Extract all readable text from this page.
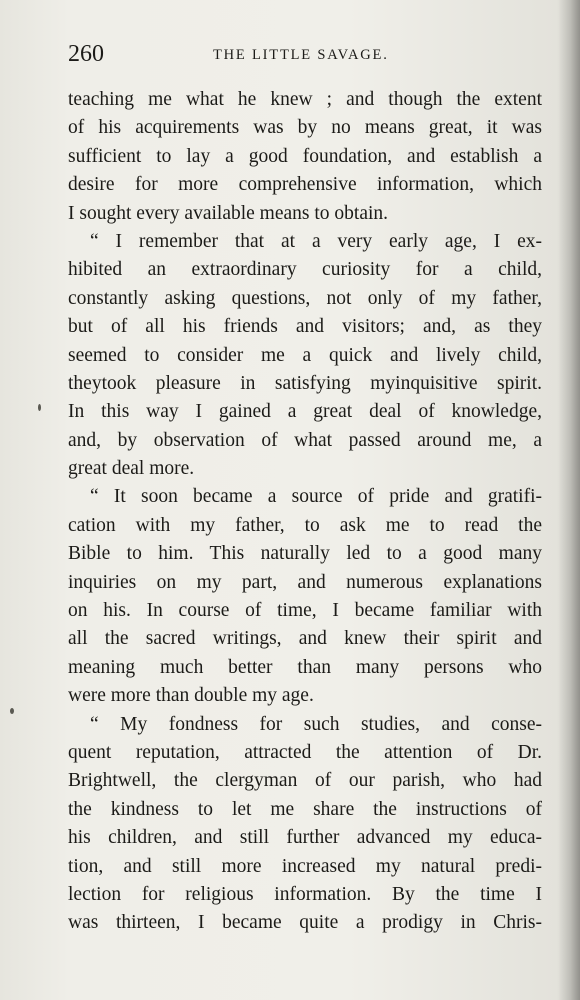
260	THE LITTLE SAVAGE.
teaching me what he knew ; and though the extent
of his acquirements was by no means great, it was
sufficient to lay a good foundation, and establish a
desire for more comprehensive information, which
I sought every available means to obtain.
“ I remember that at a very early age, I ex-
hibited an extraordinary curiosity for a child,
constantly asking questions, not only of my father,
but of all his friends and visitors; and, as they
seemed to consider me a quick and lively child,
theytook pleasure in satisfying myinquisitive spirit.
In this way I gained a great deal of knowledge,
and, by observation of what passed around me, a
great deal more.
“ It soon became a source of pride and gratifi-
cation with my father, to ask me to read the
Bible to him. This naturally led to a good many
inquiries on my part, and numerous explanations
on his. In course of time, I became familiar with
all the sacred writings, and knew their spirit and
meaning much better than many persons who
were more than double my age.
“ My fondness for such studies, and conse-
quent reputation, attracted the attention of Dr.
Brightwell, the clergyman of our parish, who had
the kindness to let me share the instructions of
his children, and still further advanced my educa-
tion, and still more increased my natural predi-
lection for religious information. By the time I
was thirteen, I became quite a prodigy in Chris-
